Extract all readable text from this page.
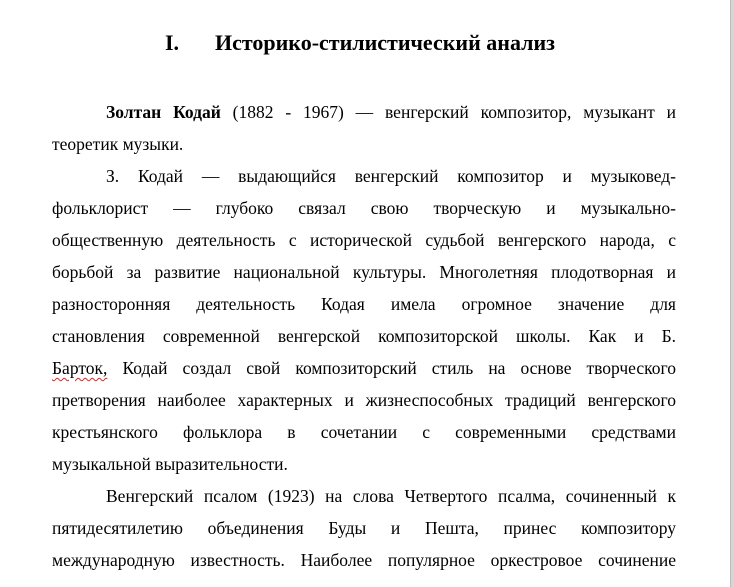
I. Историко-стилистический анализ
Золтан Кодай (1882 - 1967) — венгерский композитор, музыкант и
теоретик музыки.
З. Кодай — выдающийся венгерский композитор и музыковед-
фольклорист — глубоко связал свою творческую и музыкально-
общественную деятельность с исторической судьбой венгерского народа, с
борьбой за развитие национальной культуры. Многолетняя плодотворная и
разносторонняя деятельность Кодая имела огромное значение для
становления современной венгерской композиторской школы. Как и Б.
Барток, Кодай создал свой композиторский стиль на основе творческого
претворения наиболее характерных и жизнеспособных традиций венгерского
крестьянского фольклора в сочетании с современными средствами
музыкальной выразительности.
Венгерский псалом (1923) на слова Четвертого псалма, сочиненный к
пятидесятилетию объединения Буды и Пешта, принес композитору
международную известность. Наиболее популярное оркестровое сочинение
